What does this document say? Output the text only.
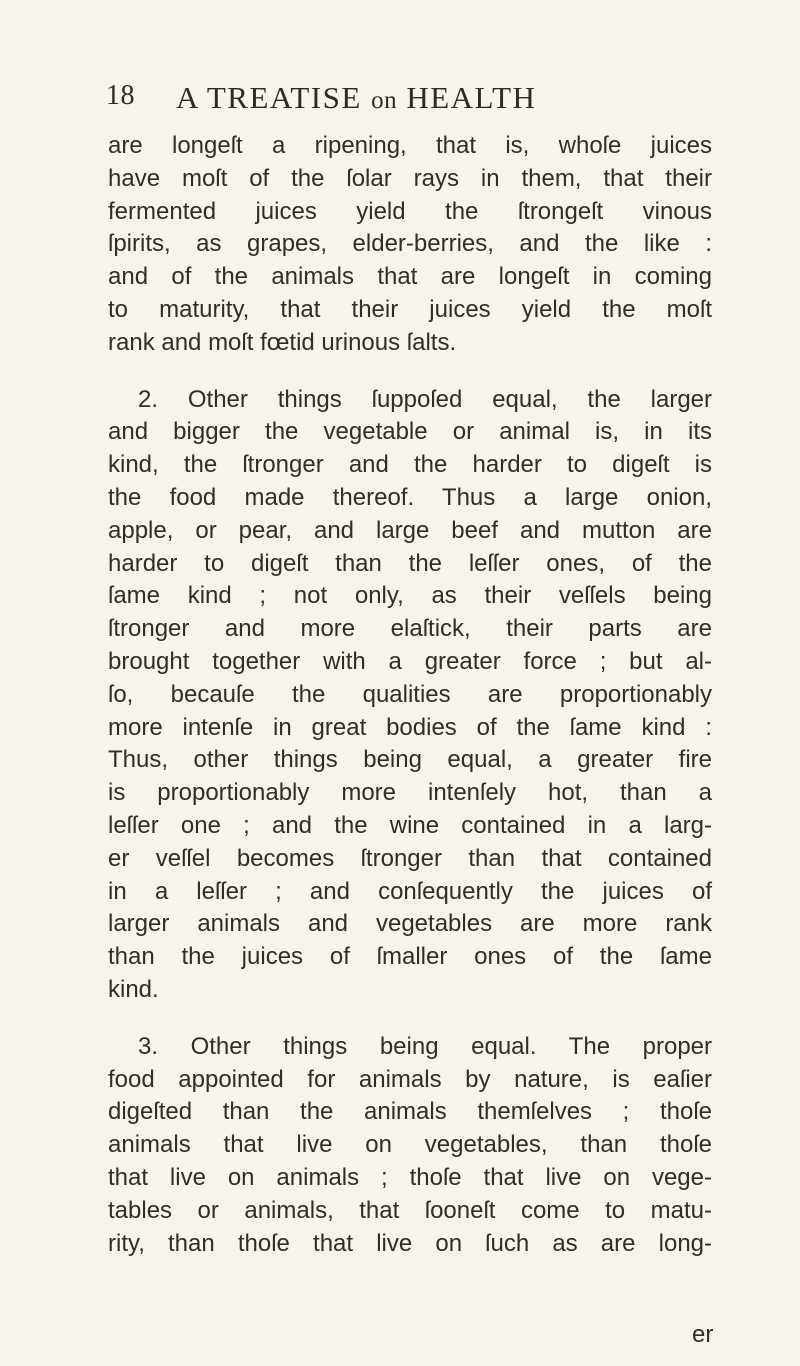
18 A TREATISE on HEALTH
are longeſt a ripening, that is, whoſe juices
have moſt of the ſolar rays in them, that their
fermented juices yield the ſtrongeſt vinous
ſpirits, as grapes, elder-berries, and the like :
and of the animals that are longeſt in coming
to maturity, that their juices yield the moſt
rank and moſt fœtid urinous ſalts.
2. Other things ſuppoſed equal, the larger
and bigger the vegetable or animal is, in its
kind, the ſtronger and the harder to digeſt is
the food made thereof. Thus a large onion,
apple, or pear, and large beef and mutton are
harder to digeſt than the leſſer ones, of the
ſame kind ; not only, as their veſſels being
ſtronger and more elaſtick, their parts are
brought together with a greater force ; but al-
ſo, becauſe the qualities are proportionably
more intenſe in great bodies of the ſame kind :
Thus, other things being equal, a greater fire
is proportionably more intenſely hot, than a
leſſer one ; and the wine contained in a larg-
er veſſel becomes ſtronger than that contained
in a leſſer ; and conſequently the juices of
larger animals and vegetables are more rank
than the juices of ſmaller ones of the ſame
kind.
3. Other things being equal. The proper
food appointed for animals by nature, is eaſier
digeſted than the animals themſelves ; thoſe
animals that live on vegetables, than thoſe
that live on animals ; thoſe that live on vege-
tables or animals, that ſooneſt come to matu-
rity, than thoſe that live on ſuch as are long-
er
